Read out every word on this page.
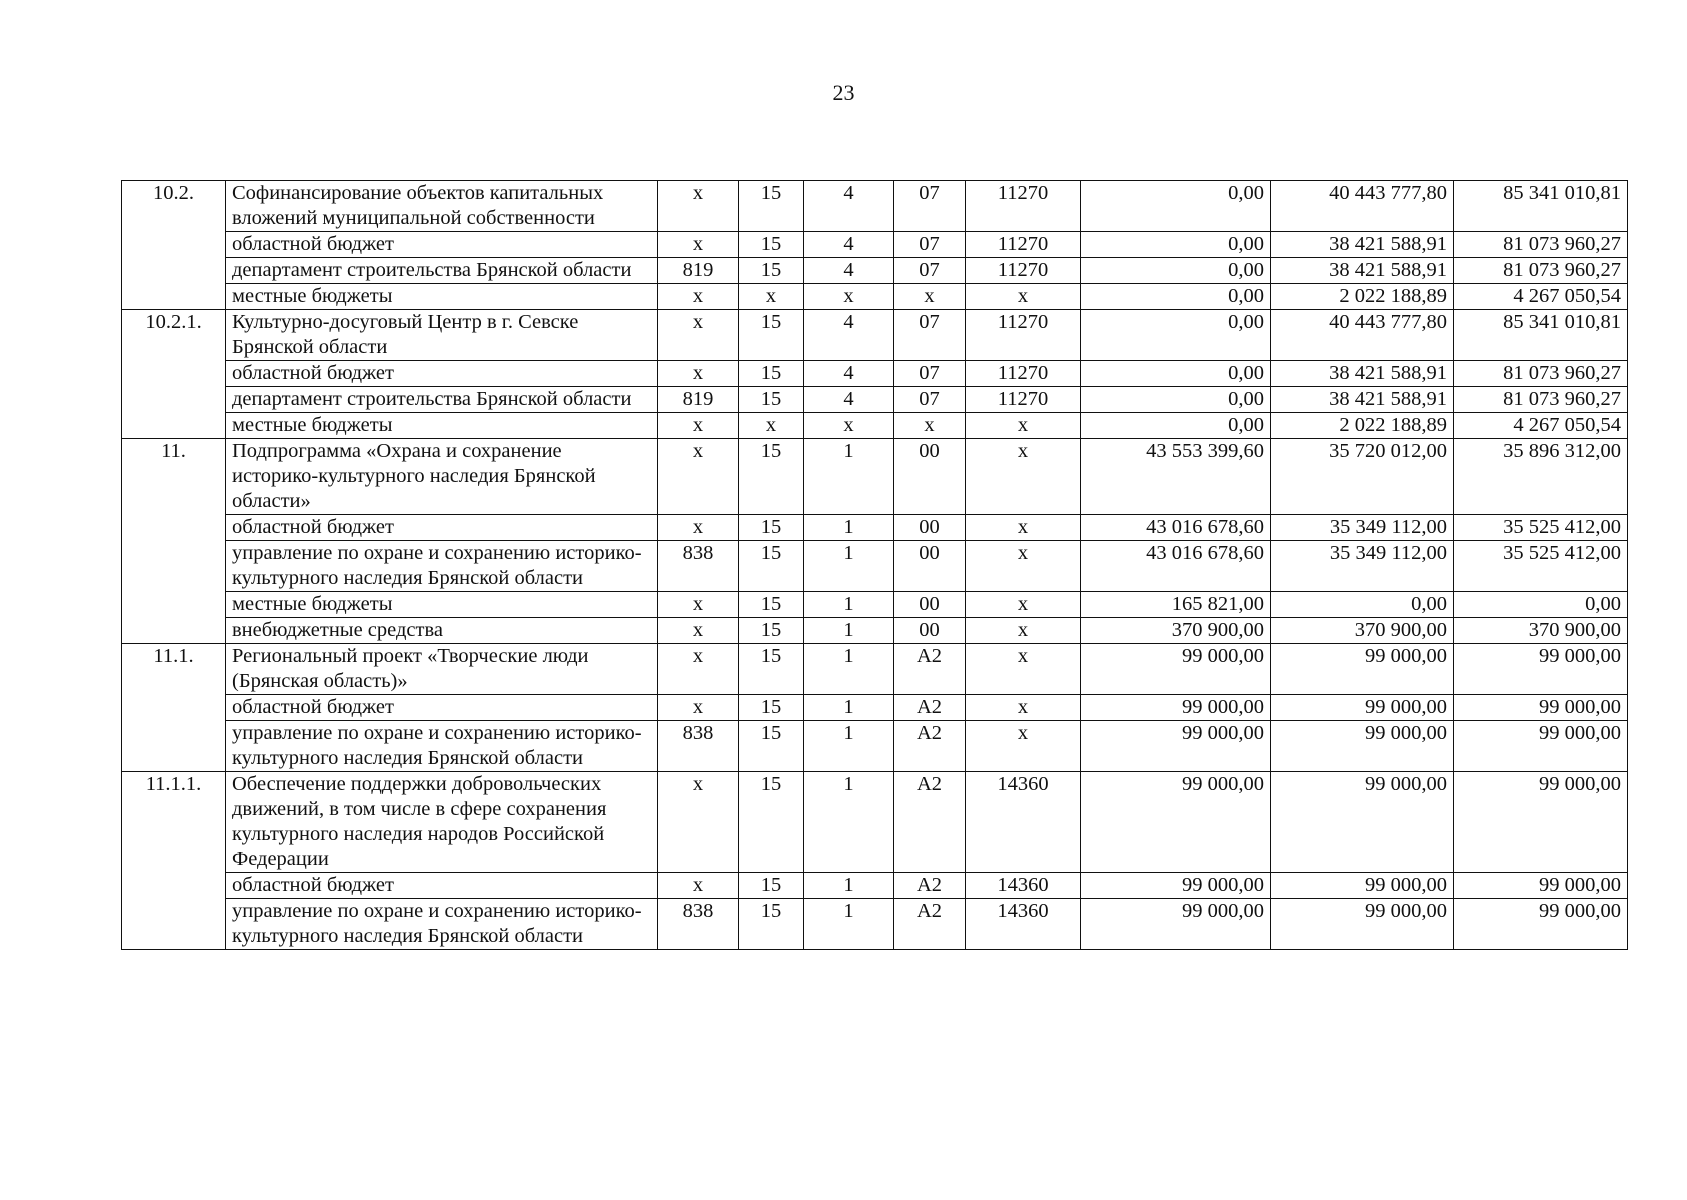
23
10.2.	Софинансирование объектов капитальных вложений муниципальной собственности	x	15	4	07	11270	0,00	40 443 777,80	85 341 010,81
	областной бюджет	x	15	4	07	11270	0,00	38 421 588,91	81 073 960,27
	департамент строительства Брянской области	819	15	4	07	11270	0,00	38 421 588,91	81 073 960,27
	местные бюджеты	x	x	x	x	x	0,00	2 022 188,89	4 267 050,54
10.2.1.	Культурно-досуговый Центр в г. Севске Брянской области	x	15	4	07	11270	0,00	40 443 777,80	85 341 010,81
	областной бюджет	x	15	4	07	11270	0,00	38 421 588,91	81 073 960,27
	департамент строительства Брянской области	819	15	4	07	11270	0,00	38 421 588,91	81 073 960,27
	местные бюджеты	x	x	x	x	x	0,00	2 022 188,89	4 267 050,54
11.	Подпрограмма «Охрана и сохранение историко-культурного наследия Брянской области»	x	15	1	00	x	43 553 399,60	35 720 012,00	35 896 312,00
	областной бюджет	x	15	1	00	x	43 016 678,60	35 349 112,00	35 525 412,00
	управление по охране и сохранению историко-культурного наследия Брянской области	838	15	1	00	x	43 016 678,60	35 349 112,00	35 525 412,00
	местные бюджеты	x	15	1	00	x	165 821,00	0,00	0,00
	внебюджетные средства	x	15	1	00	x	370 900,00	370 900,00	370 900,00
11.1.	Региональный проект «Творческие люди (Брянская область)»	x	15	1	A2	x	99 000,00	99 000,00	99 000,00
	областной бюджет	x	15	1	A2	x	99 000,00	99 000,00	99 000,00
	управление по охране и сохранению историко-культурного наследия Брянской области	838	15	1	A2	x	99 000,00	99 000,00	99 000,00
11.1.1.	Обеспечение поддержки добровольческих движений, в том числе в сфере сохранения культурного наследия народов Российской Федерации	x	15	1	A2	14360	99 000,00	99 000,00	99 000,00
	областной бюджет	x	15	1	A2	14360	99 000,00	99 000,00	99 000,00
	управление по охране и сохранению историко-культурного наследия Брянской области	838	15	1	A2	14360	99 000,00	99 000,00	99 000,00
